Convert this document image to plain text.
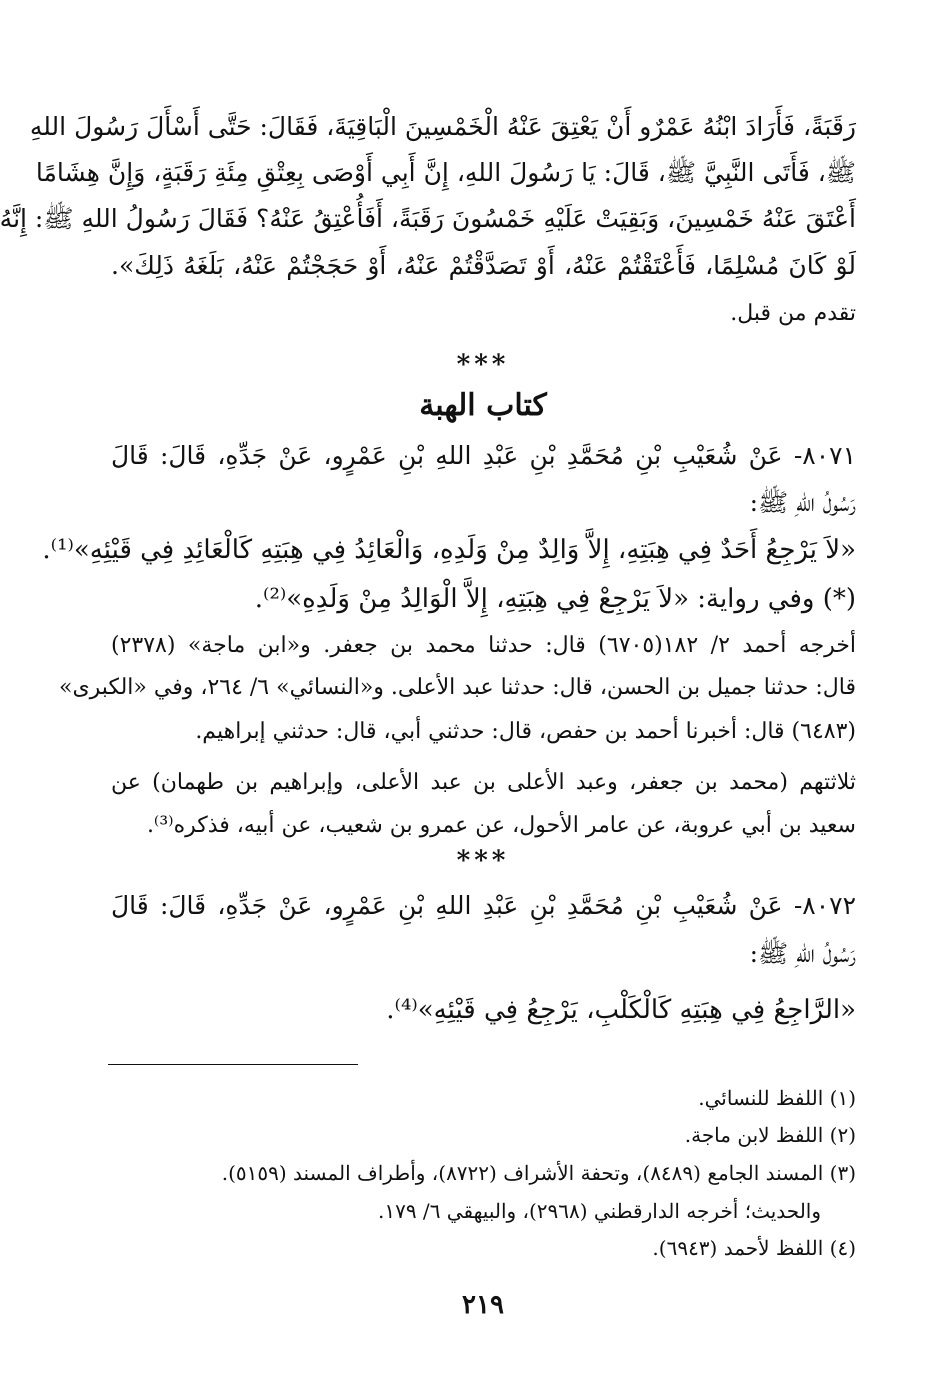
رَقَبَةً، فَأَرَادَ ابْنُهُ عَمْرٌو أَنْ يَعْتِقَ عَنْهُ الْخَمْسِينَ الْبَاقِيَةَ، فَقَالَ: حَتَّى أَسْأَلَ رَسُولَ اللهِ
ﷺ، فَأَتَى النَّبِيَّ ﷺ، قَالَ: يَا رَسُولَ اللهِ، إِنَّ أَبِي أَوْصَى بِعِتْقِ مِئَةِ رَقَبَةٍ، وَإِنَّ هِشَامًا
أَعْتَقَ عَنْهُ خَمْسِينَ، وَبَقِيَتْ عَلَيْهِ خَمْسُونَ رَقَبَةً، أَفَأُعْتِقُ عَنْهُ؟ فَقَالَ رَسُولُ اللهِ ﷺ: إِنَّهُ
لَوْ كَانَ مُسْلِمًا، فَأَعْتَقْتُمْ عَنْهُ، أَوْ تَصَدَّقْتُمْ عَنْهُ، أَوْ حَجَجْتُمْ عَنْهُ، بَلَغَهُ ذَلِكَ».
تقدم من قبل.
***
كتاب الهبة
٨٠٧١- عَنْ شُعَيْبِ بْنِ مُحَمَّدِ بْنِ عَبْدِ اللهِ بْنِ عَمْرٍو، عَنْ جَدِّهِ، قَالَ: قَالَ
رَسُولُ اللهِ ﷺ:
«لاَ يَرْجِعُ أَحَدٌ فِي هِبَتِهِ، إِلاَّ وَالِدٌ مِنْ وَلَدِهِ، وَالْعَائِدُ فِي هِبَتِهِ كَالْعَائِدِ فِي قَيْئِهِ»⁽¹⁾.
(*) وفي رواية: «لاَ يَرْجِعْ فِي هِبَتِهِ، إِلاَّ الْوَالِدُ مِنْ وَلَدِهِ»⁽²⁾.
أخرجه أحمد ٢/ ١٨٢(٦٧٠٥) قال: حدثنا محمد بن جعفر. و«ابن ماجة» (٢٣٧٨)
قال: حدثنا جميل بن الحسن، قال: حدثنا عبد الأعلى. و«النسائي» ٦/ ٢٦٤، وفي «الكبرى»
(٦٤٨٣) قال: أخبرنا أحمد بن حفص، قال: حدثني أبي، قال: حدثني إبراهيم.
ثلاثتهم (محمد بن جعفر، وعبد الأعلى بن عبد الأعلى، وإبراهيم بن طهمان) عن
سعيد بن أبي عروبة، عن عامر الأحول، عن عمرو بن شعيب، عن أبيه، فذكره⁽³⁾.
***
٨٠٧٢- عَنْ شُعَيْبِ بْنِ مُحَمَّدِ بْنِ عَبْدِ اللهِ بْنِ عَمْرٍو، عَنْ جَدِّهِ، قَالَ: قَالَ
رَسُولُ اللهِ ﷺ:
«الرَّاجِعُ فِي هِبَتِهِ كَالْكَلْبِ، يَرْجِعُ فِي قَيْئِهِ»⁽⁴⁾.
(١) اللفظ للنسائي.
(٢) اللفظ لابن ماجة.
(٣) المسند الجامع (٨٤٨٩)، وتحفة الأشراف (٨٧٢٢)، وأطراف المسند (٥١٥٩).
والحديث؛ أخرجه الدارقطني (٢٩٦٨)، والبيهقي ٦/ ١٧٩.
(٤) اللفظ لأحمد (٦٩٤٣).
٢١٩
